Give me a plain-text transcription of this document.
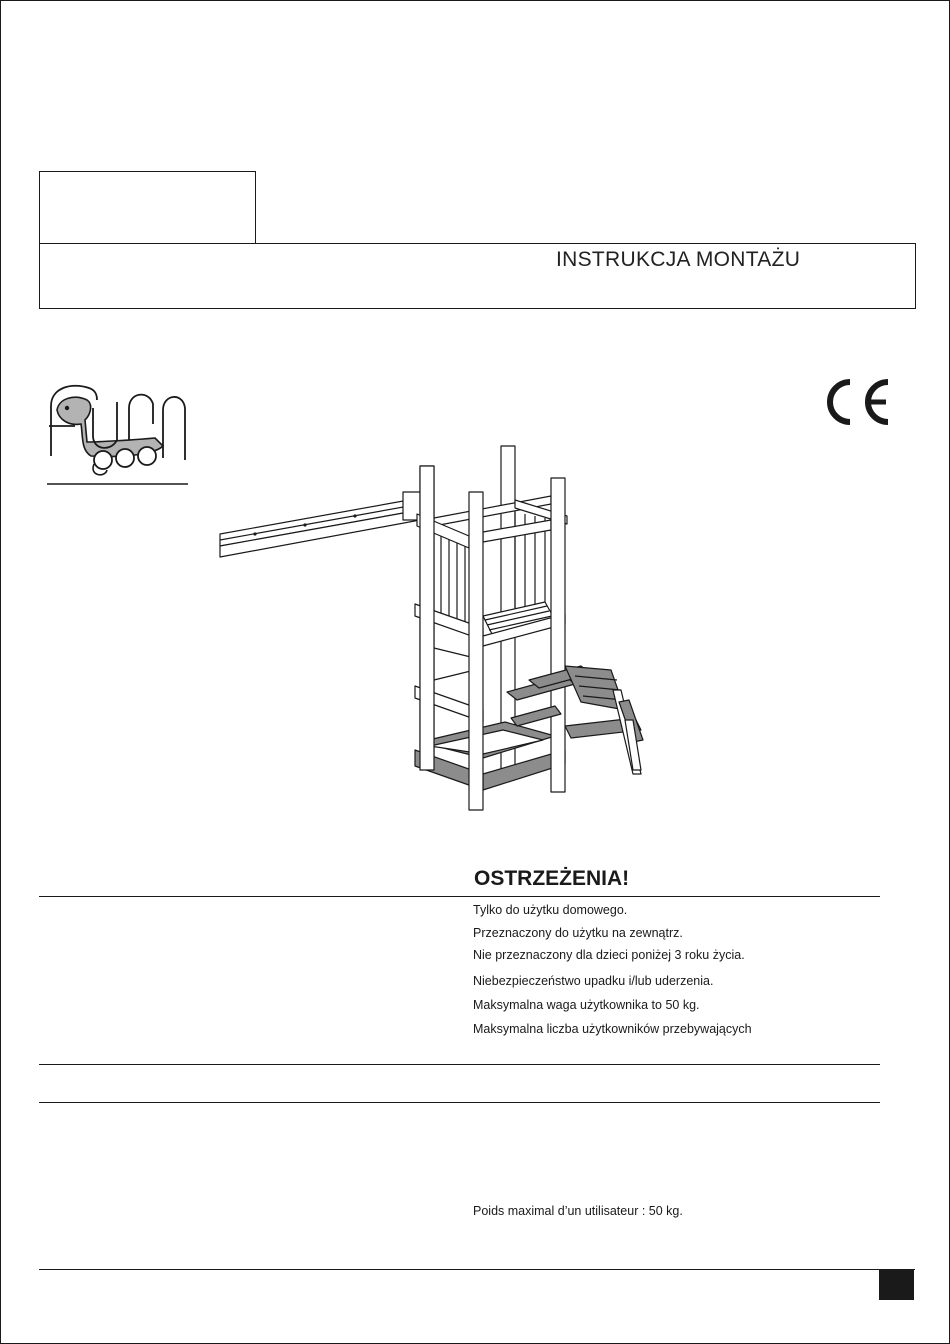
INSTRUKCJA MONTAŻU
OSTRZEŻENIA!
Tylko do użytku domowego.
Przeznaczony do użytku na zewnątrz.
Nie przeznaczony dla dzieci poniżej 3 roku życia.
Niebezpieczeństwo upadku i/lub uderzenia.
Maksymalna waga użytkownika to 50 kg.
Maksymalna liczba użytkowników przebywających
Poids maximal d’un utilisateur : 50 kg.
